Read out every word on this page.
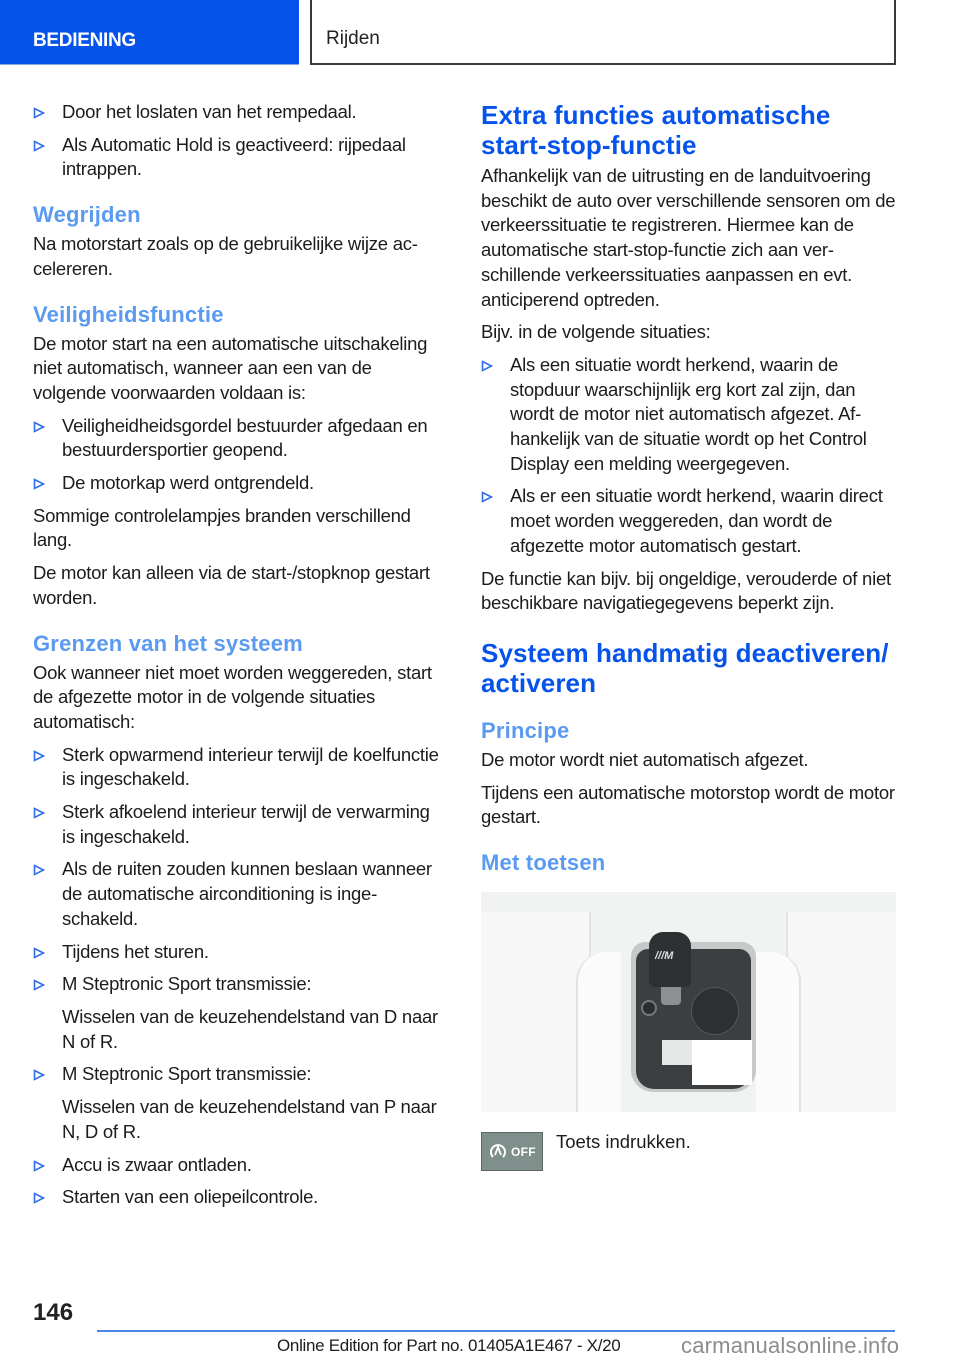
BEDIENING	Rijden
Door het loslaten van het rempedaal.
Als Automatic Hold is geactiveerd: rijpedaal intrappen.
Wegrijden

Na motorstart zoals op de gebruikelijke wijze accelereren.

Veiligheidsfunctie

De motor start na een automatische uitschakeling niet automatisch, wanneer aan een van de volgende voorwaarden voldaan is:

Veiligheidheidsgordel bestuurder afgedaan en bestuurdersportier geopend.
De motorkap werd ontgrendeld.

Sommige controlelampjes branden verschillend lang.

De motor kan alleen via de start-/stopknop gestart worden.

Grenzen van het systeem

Ook wanneer niet moet worden weggereden, start de afgezette motor in de volgende situaties automatisch:

Sterk opwarmend interieur terwijl de koelfunctie is ingeschakeld.
Sterk afkoelend interieur terwijl de verwarming is ingeschakeld.
Als de ruiten zouden kunnen beslaan wanneer de automatische airconditioning is ingeschakeld.
Tijdens het sturen.
M Steptronic Sport transmissie:
Wisselen van de keuzehendelstand van D naar N of R.
M Steptronic Sport transmissie:
Wisselen van de keuzehendelstand van P naar N, D of R.
Accu is zwaar ontladen.
Starten van een oliepeilcontrole.
Extra functies automatische start-stop-functie

Afhankelijk van de uitrusting en de landuitvoering beschikt de auto over verschillende sensoren om de verkeerssituatie te registreren. Hiermee kan de automatische start-stop-functie zich aan verschillende verkeerssituaties aanpassen en evt. anticiperend optreden.

Bijv. in de volgende situaties:

Als een situatie wordt herkend, waarin de stopduur waarschijnlijk erg kort zal zijn, dan wordt de motor niet automatisch afgezet. Afhankelijk van de situatie wordt op het Control Display een melding weergegeven.
Als er een situatie wordt herkend, waarin direct moet worden weggereden, dan wordt de afgezette motor automatisch gestart.

De functie kan bijv. bij ongeldige, verouderde of niet beschikbare navigatiegegevens beperkt zijn.

Systeem handmatig deactiveren/ activeren
Principe

De motor wordt niet automatisch afgezet.

Tijdens een automatische motorstop wordt de motor gestart.

Met toetsen
///M
OFF Toets indrukken.
146
Online Edition for Part no. 01405A1E467 - X/20	carmanualsonline.info
